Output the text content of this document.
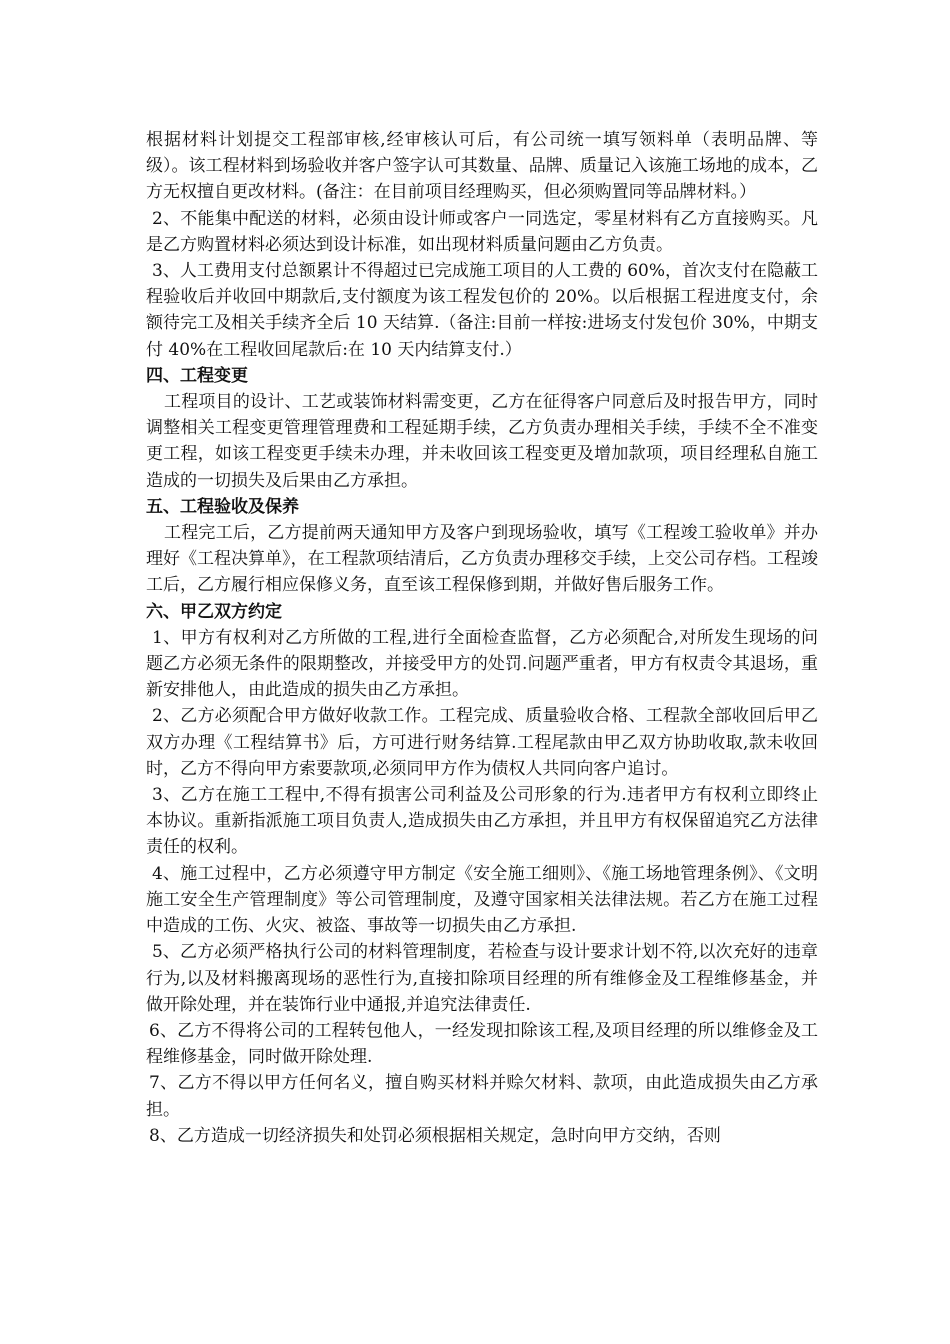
根据材料计划提交工程部审核,经审核认可后，有公司统一填写领料单（表明品牌、等级）。该工程材料到场验收并客户签字认可其数量、品牌、质量记入该施工场地的成本，乙方无权擅自更改材料。(备注：在目前项目经理购买，但必须购置同等品牌材料。）

2、不能集中配送的材料，必须由设计师或客户一同选定，零星材料有乙方直接购买。凡是乙方购置材料必须达到设计标准，如出现材料质量问题由乙方负责。

3、人工费用支付总额累计不得超过已完成施工项目的人工费的 60%，首次支付在隐蔽工程验收后并收回中期款后,支付额度为该工程发包价的 20%。以后根据工程进度支付，余额待完工及相关手续齐全后 10 天结算.（备注:目前一样按:进场支付发包价 30%，中期支付 40%在工程收回尾款后:在 10 天内结算支付.）

四、工程变更

工程项目的设计、工艺或装饰材料需变更，乙方在征得客户同意后及时报告甲方，同时调整相关工程变更管理管理费和工程延期手续，乙方负责办理相关手续，手续不全不准变更工程，如该工程变更手续未办理，并未收回该工程变更及增加款项，项目经理私自施工造成的一切损失及后果由乙方承担。

五、工程验收及保养

工程完工后，乙方提前两天通知甲方及客户到现场验收，填写《工程竣工验收单》并办理好《工程决算单》，在工程款项结清后，乙方负责办理移交手续，上交公司存档。工程竣工后，乙方履行相应保修义务，直至该工程保修到期，并做好售后服务工作。

六、甲乙双方约定

1、甲方有权利对乙方所做的工程,进行全面检查监督，乙方必须配合,对所发生现场的问题乙方必须无条件的限期整改，并接受甲方的处罚.问题严重者，甲方有权责令其退场，重新安排他人，由此造成的损失由乙方承担。

2、乙方必须配合甲方做好收款工作。工程完成、质量验收合格、工程款全部收回后甲乙双方办理《工程结算书》后，方可进行财务结算.工程尾款由甲乙双方协助收取,款未收回时，乙方不得向甲方索要款项,必须同甲方作为债权人共同向客户追讨。

3、乙方在施工工程中,不得有损害公司利益及公司形象的行为.违者甲方有权利立即终止本协议。重新指派施工项目负责人,造成损失由乙方承担，并且甲方有权保留追究乙方法律责任的权利。

4、施工过程中，乙方必须遵守甲方制定《安全施工细则》、《施工场地管理条例》、《文明施工安全生产管理制度》等公司管理制度，及遵守国家相关法律法规。若乙方在施工过程中造成的工伤、火灾、被盗、事故等一切损失由乙方承担.

5、乙方必须严格执行公司的材料管理制度，若检查与设计要求计划不符,以次充好的违章行为,以及材料搬离现场的恶性行为,直接扣除项目经理的所有维修金及工程维修基金，并做开除处理，并在装饰行业中通报,并追究法律责任.

6、乙方不得将公司的工程转包他人，一经发现扣除该工程,及项目经理的所以维修金及工程维修基金，同时做开除处理.

7、乙方不得以甲方任何名义，擅自购买材料并赊欠材料、款项，由此造成损失由乙方承担。

8、乙方造成一切经济损失和处罚必须根据相关规定，急时向甲方交纳，否则
